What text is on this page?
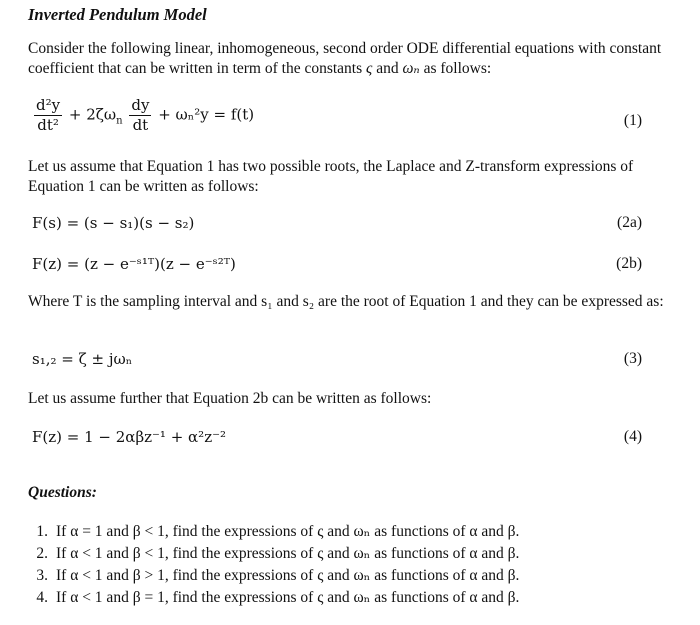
Inverted Pendulum Model
Consider the following linear, inhomogeneous, second order ODE differential equations with constant coefficient that can be written in term of the constants ς and ωₙ as follows:
$\frac{\text{d²y}}{\text{dt²}} + 2\zeta\omega_n \frac{dy}{dt} + \omega_n^2y = f(t)$	(1)
Let us assume that Equation 1 has two possible roots, the Laplace and Z-transform expressions of Equation 1 can be written as follows:
F(s) = (s − s₁)(s − s₂)	(2a)
F(z) = (z − e⁻ˢ¹ᵀ)(z − e⁻ˢ²ᵀ)	(2b)
Where T is the sampling interval and s₁ and s₂ are the root of Equation 1 and they can be expressed as:
s₁,₂ = ζ ± jωₙ	(3)
Let us assume further that Equation 2b can be written as follows:
F(z) = 1 − 2αβz⁻¹ + α²z⁻²	(4)
Questions:
1. If α = 1 and β < 1, find the expressions of ς and ωₙ as functions of α and β.
2. If α < 1 and β < 1, find the expressions of ς and ωₙ as functions of α and β.
3. If α < 1 and β > 1, find the expressions of ς and ωₙ as functions of α and β.
4. If α < 1 and β = 1, find the expressions of ς and ωₙ as functions of α and β.
